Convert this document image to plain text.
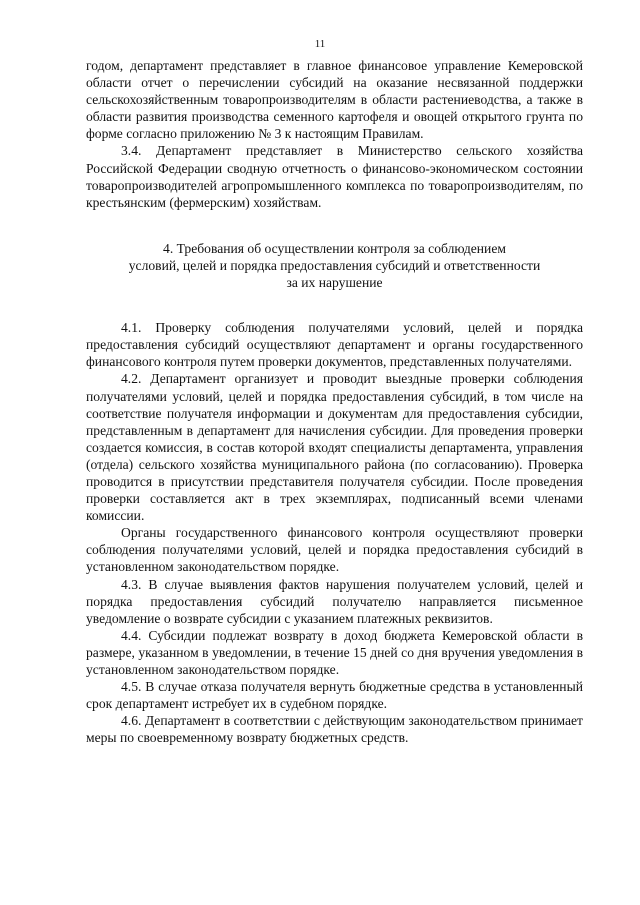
11

годом, департамент представляет в главное финансовое управление Кемеровской области отчет о перечислении субсидий на оказание несвязанной поддержки сельскохозяйственным товаропроизводителям в области растениеводства, а также в области развития производства семенного картофеля и овощей открытого грунта по форме согласно приложению № 3 к настоящим Правилам.

3.4. Департамент представляет в Министерство сельского хозяйства Российской Федерации сводную отчетность о финансово-экономическом состоянии товаропроизводителей агропромышленного комплекса по товаропроизводителям, по крестьянским (фермерским) хозяйствам.

4. Требования об осуществлении контроля за соблюдением
условий, целей и порядка предоставления субсидий и ответственности
за их нарушение

4.1. Проверку соблюдения получателями условий, целей и порядка предоставления субсидий осуществляют департамент и органы государственного финансового контроля путем проверки документов, представленных получателями.

4.2. Департамент организует и проводит выездные проверки соблюдения получателями условий, целей и порядка предоставления субсидий, в том числе на соответствие получателя информации и документам для предоставления субсидии, представленным в департамент для начисления субсидии. Для проведения проверки создается комиссия, в состав которой входят специалисты департамента, управления (отдела) сельского хозяйства муниципального района (по согласованию). Проверка проводится в присутствии представителя получателя субсидии. После проведения проверки составляется акт в трех экземплярах, подписанный всеми членами комиссии.

Органы государственного финансового контроля осуществляют проверки соблюдения получателями условий, целей и порядка предоставления субсидий в установленном законодательством порядке.

4.3. В случае выявления фактов нарушения получателем условий, целей и порядка предоставления субсидий получателю направляется письменное уведомление о возврате субсидии с указанием платежных реквизитов.

4.4. Субсидии подлежат возврату в доход бюджета Кемеровской области в размере, указанном в уведомлении, в течение 15 дней со дня вручения уведомления в установленном законодательством порядке.

4.5. В случае отказа получателя вернуть бюджетные средства в установленный срок департамент истребует их в судебном порядке.

4.6. Департамент в соответствии с действующим законодательством принимает меры по своевременному возврату бюджетных средств.
